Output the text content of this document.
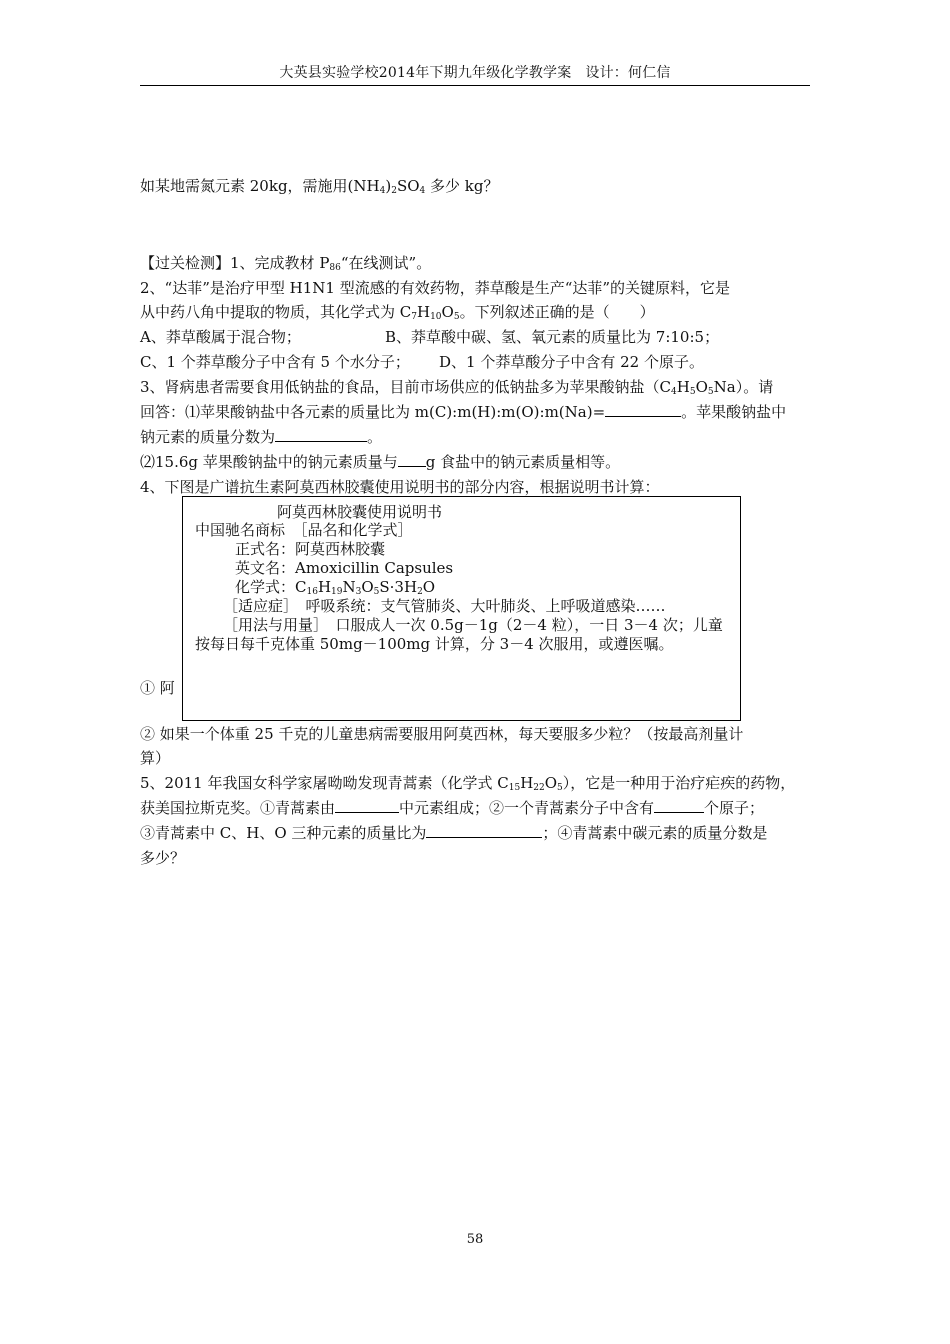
大英县实验学校2014年下期九年级化学教学案 设计：何仁信
如某地需氮元素 20kg，需施用$(NH_4)_2SO_4$ 多少 kg？
【过关检测】1、完成教材 $P_{86}“$在线测试”。
2、“达菲”是治疗甲型 H1N1 型流感的有效药物，莽草酸是生产“达菲”的关键原料，它是
从中药八角中提取的物质，其化学式为 $C_7H_{10}O_5$。下列叙述正确的是（　　）
A、莽草酸属于混合物；	B、莽草酸中碳、氢、氧元素的质量比为 7:10:5；
C、1 个莽草酸分子中含有 5 个水分子； D、1 个莽草酸分子中含有 22 个原子。
3、肾病患者需要食用低钠盐的食品，目前市场供应的低钠盐多为苹果酸钠盐$(C_4H_5O_5Na)$。请
回答：⑴苹果酸钠盐中各元素的质量比为 m(C):m(H):m(O):m(Na)=	。苹果酸钠盐中
钠元素的质量分数为	。
⑵15.6g 苹果酸钠盐中的钠元素质量与 g 食盐中的钠元素质量相等。
4、下图是广谱抗生素阿莫西林胶囊使用说明书的部分内容，根据说明书计算：
① 阿
阿莫西林胶囊使用说明书
中国驰名商标　［品名和化学式］
正式名：阿莫西林胶囊
英文名：Amoxicillin Capsules
化学式：$C_{16}H_{19}N_3O_5S\cdot 3H_2O$
［适应症］　呼吸系统：支气管肺炎、大叶肺炎、上呼吸道感染……
［用法与用量］　口服成人一次 0.5g－1g（2－4 粒），一日 3－4 次；儿童
按每日每千克体重 50mg－100mg 计算，分 3－4 次服用，或遵医嘱。
② 如果一个体重 25 千克的儿童患病需要服用阿莫西林，每天要服多少粒？（按最高剂量计
算）
5、2011 年我国女科学家屠呦呦发现青蒿素（化学式 $C_{15}H_{22}O_5$），它是一种用于治疗疟疾的药物，
获美国拉斯克奖。①青蒿素由	中元素组成；②一个青蒿素分子中含有	个原子；
③青蒿素中 C、H、O 三种元素的质量比为	；④青蒿素中碳元素的质量分数是
多少？
58
